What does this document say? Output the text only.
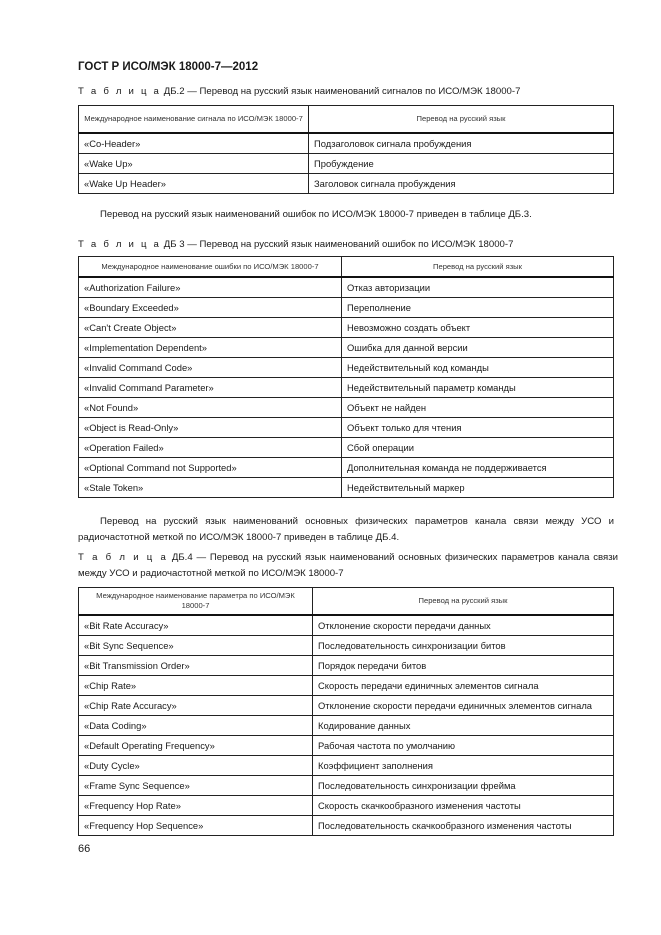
ГОСТ Р ИСО/МЭК 18000-7—2012
Т а б л и ц а ДБ.2 — Перевод на русский язык наименований сигналов по ИСО/МЭК 18000-7
Международное наименование сигнала по ИСО/МЭК 18000-7	Перевод на русский язык
«Co-Header»	Подзаголовок сигнала пробуждения
«Wake Up»	Пробуждение
«Wake Up Header»	Заголовок сигнала пробуждения
Перевод на русский язык наименований ошибок по ИСО/МЭК 18000-7 приведен в таблице ДБ.3.
Т а б л и ц а ДБ 3 — Перевод на русский язык наименований ошибок по ИСО/МЭК 18000-7
Международное наименование ошибки по ИСО/МЭК 18000-7	Перевод на русский язык
«Authorization Failure»	Отказ авторизации
«Boundary Exceeded»	Переполнение
«Can't Create Object»	Невозможно создать объект
«Implementation Dependent»	Ошибка для данной версии
«Invalid Command Code»	Недействительный код команды
«Invalid Command Parameter»	Недействительный параметр команды
«Not Found»	Объект не найден
«Object is Read-Only»	Объект только для чтения
«Operation Failed»	Сбой операции
«Optional Command not Supported»	Дополнительная команда не поддерживается
«Stale Token»	Недействительный маркер
Перевод на русский язык наименований основных физических параметров канала связи между УСО и радиочастотной меткой по ИСО/МЭК 18000-7 приведен в таблице ДБ.4.
Т а б л и ц а ДБ.4 — Перевод на русский язык наименований основных физических параметров канала связи между УСО и радиочастотной меткой по ИСО/МЭК 18000-7
Международное наименование параметра по ИСО/МЭК 18000-7	Перевод на русский язык
«Bit Rate Accuracy»	Отклонение скорости передачи данных
«Bit Sync Sequence»	Последовательность синхронизации битов
«Bit Transmission Order»	Порядок передачи битов
«Chip Rate»	Скорость передачи единичных элементов сигнала
«Chip Rate Accuracy»	Отклонение скорости передачи единичных элементов сигнала
«Data Coding»	Кодирование данных
«Default Operating Frequency»	Рабочая частота по умолчанию
«Duty Cycle»	Коэффициент заполнения
«Frame Sync Sequence»	Последовательность синхронизации фрейма
«Frequency Hop Rate»	Скорость скачкообразного изменения частоты
«Frequency Hop Sequence»	Последовательность скачкообразного изменения частоты
66
